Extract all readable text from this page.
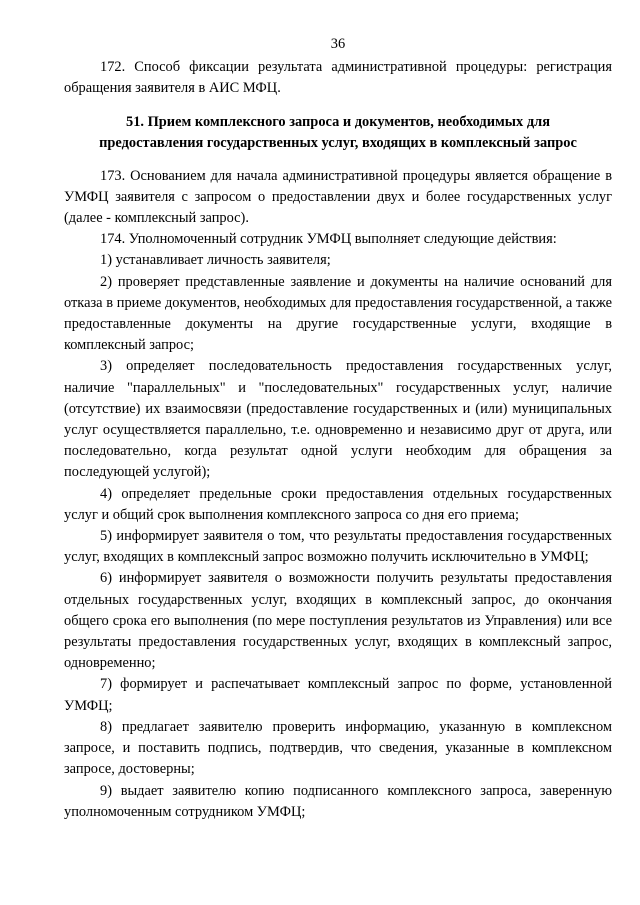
36

172. Способ фиксации результата административной процедуры: регистрация обращения заявителя в АИС МФЦ.

51. Прием комплексного запроса и документов, необходимых для
предоставления государственных услуг, входящих в комплексный запрос

173. Основанием для начала административной процедуры является обращение в УМФЦ заявителя с запросом о предоставлении двух и более государственных услуг (далее - комплексный запрос).

174. Уполномоченный сотрудник УМФЦ выполняет следующие действия:

1) устанавливает личность заявителя;

2) проверяет представленные заявление и документы на наличие оснований для отказа в приеме документов, необходимых для предоставления государственной, а также предоставленные документы на другие государственные услуги, входящие в комплексный запрос;

3) определяет последовательность предоставления государственных услуг, наличие "параллельных" и "последовательных" государственных услуг, наличие (отсутствие) их взаимосвязи (предоставление государственных и (или) муниципальных услуг осуществляется параллельно, т.е. одновременно и независимо друг от друга, или последовательно, когда результат одной услуги необходим для обращения за последующей услугой);

4) определяет предельные сроки предоставления отдельных государственных услуг и общий срок выполнения комплексного запроса со дня его приема;

5) информирует заявителя о том, что результаты предоставления государственных услуг, входящих в комплексный запрос возможно получить исключительно в УМФЦ;

6) информирует заявителя о возможности получить результаты предоставления отдельных государственных услуг, входящих в комплексный запрос, до окончания общего срока его выполнения (по мере поступления результатов из Управления) или все результаты предоставления государственных услуг, входящих в комплексный запрос, одновременно;

7) формирует и распечатывает комплексный запрос по форме, установленной УМФЦ;

8) предлагает заявителю проверить информацию, указанную в комплексном запросе, и поставить подпись, подтвердив, что сведения, указанные в комплексном запросе, достоверны;

9) выдает заявителю копию подписанного комплексного запроса, заверенную уполномоченным сотрудником УМФЦ;
